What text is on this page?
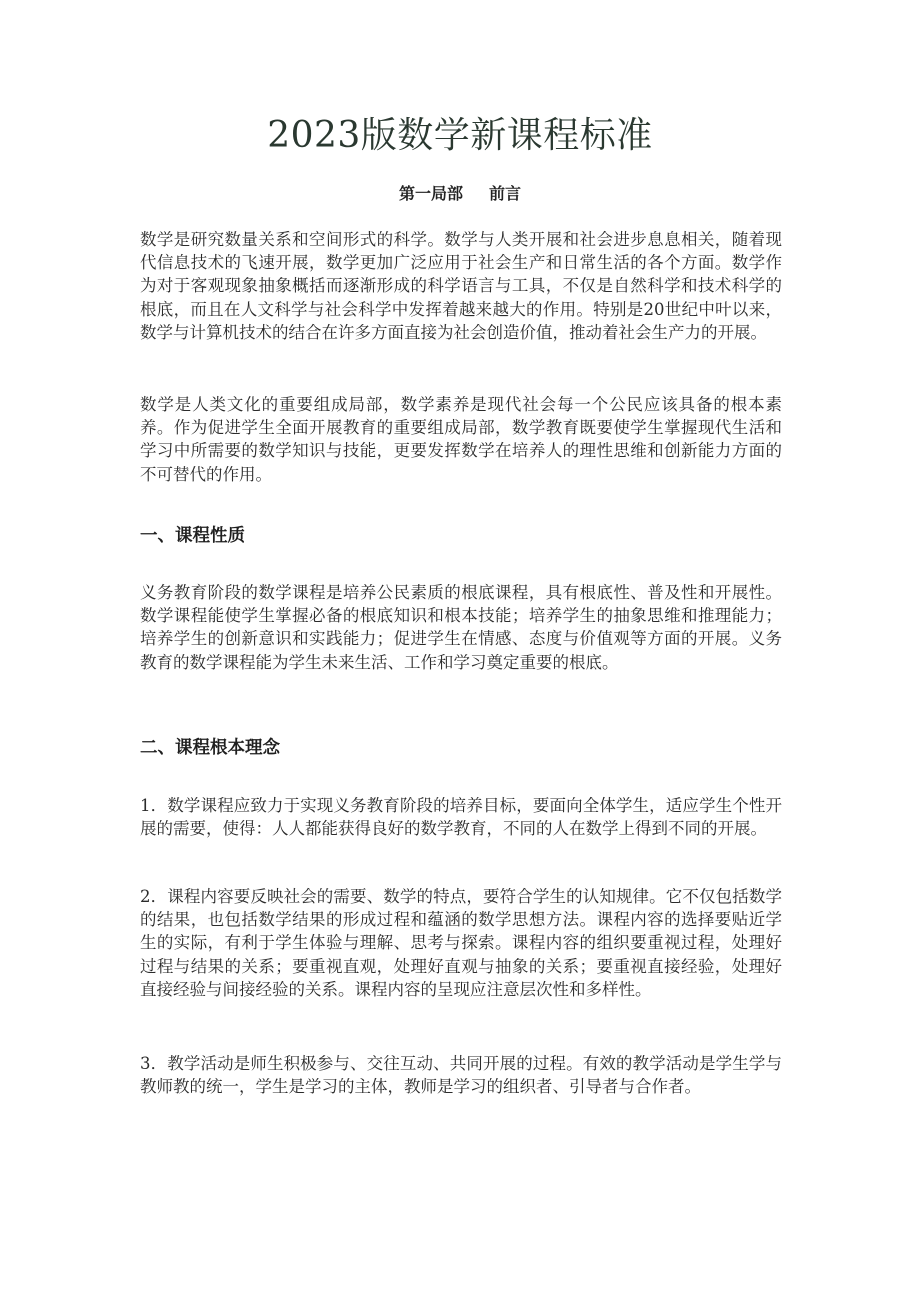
2023版数学新课程标准
第一局部 前言

数学是研究数量关系和空间形式的科学。数学与人类开展和社会进步息息相关，随着现代信息技术的飞速开展，数学更加广泛应用于社会生产和日常生活的各个方面。数学作为对于客观现象抽象概括而逐渐形成的科学语言与工具，不仅是自然科学和技术科学的根底，而且在人文科学与社会科学中发挥着越来越大的作用。特别是20世纪中叶以来，数学与计算机技术的结合在许多方面直接为社会创造价值，推动着社会生产力的开展。

数学是人类文化的重要组成局部，数学素养是现代社会每一个公民应该具备的根本素养。作为促进学生全面开展教育的重要组成局部，数学教育既要使学生掌握现代生活和学习中所需要的数学知识与技能，更要发挥数学在培养人的理性思维和创新能力方面的不可替代的作用。

一、课程性质

义务教育阶段的数学课程是培养公民素质的根底课程，具有根底性、普及性和开展性。数学课程能使学生掌握必备的根底知识和根本技能；培养学生的抽象思维和推理能力；培养学生的创新意识和实践能力；促进学生在情感、态度与价值观等方面的开展。义务教育的数学课程能为学生未来生活、工作和学习奠定重要的根底。

二、课程根本理念

1．数学课程应致力于实现义务教育阶段的培养目标，要面向全体学生，适应学生个性开展的需要，使得：人人都能获得良好的数学教育，不同的人在数学上得到不同的开展。

2．课程内容要反映社会的需要、数学的特点，要符合学生的认知规律。它不仅包括数学的结果，也包括数学结果的形成过程和蕴涵的数学思想方法。课程内容的选择要贴近学生的实际，有利于学生体验与理解、思考与探索。课程内容的组织要重视过程，处理好过程与结果的关系；要重视直观，处理好直观与抽象的关系；要重视直接经验，处理好直接经验与间接经验的关系。课程内容的呈现应注意层次性和多样性。

3．教学活动是师生积极参与、交往互动、共同开展的过程。有效的教学活动是学生学与教师教的统一，学生是学习的主体，教师是学习的组织者、引导者与合作者。
